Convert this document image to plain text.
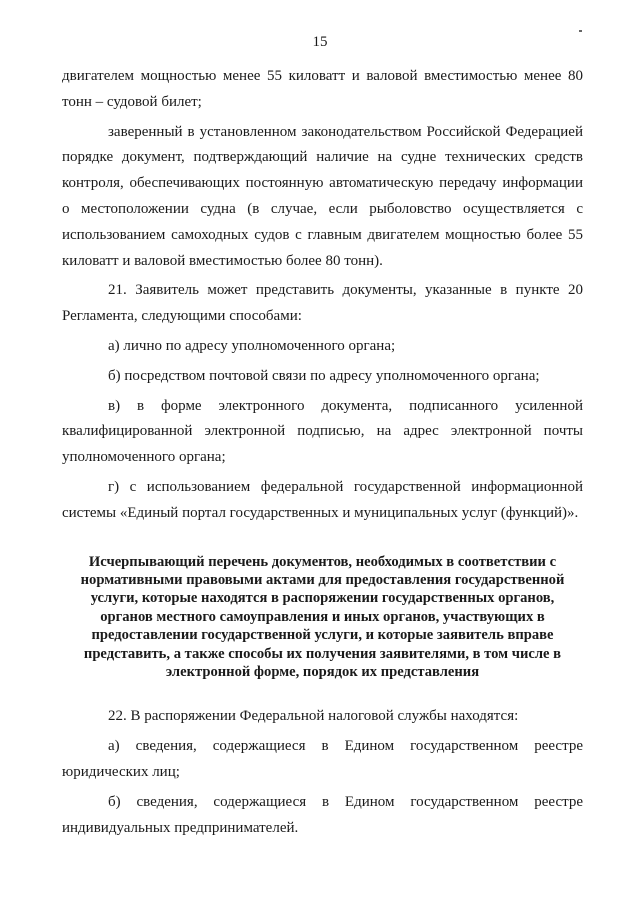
15

двигателем мощностью менее 55 киловатт и валовой вместимостью менее 80 тонн – судовой билет;

заверенный в установленном законодательством Российской Федерацией порядке документ, подтверждающий наличие на судне технических средств контроля, обеспечивающих постоянную автоматическую передачу информации о местоположении судна (в случае, если рыболовство осуществляется с использованием самоходных судов с главным двигателем мощностью более 55 киловатт и валовой вместимостью более 80 тонн).

21. Заявитель может представить документы, указанные в пункте 20 Регламента, следующими способами:

а) лично по адресу уполномоченного органа;

б) посредством почтовой связи по адресу уполномоченного органа;

в) в форме электронного документа, подписанного усиленной квалифицированной электронной подписью, на адрес электронной почты уполномоченного органа;

г) с использованием федеральной государственной информационной системы «Единый портал государственных и муниципальных услуг (функций)».

Исчерпывающий перечень документов, необходимых в соответствии с нормативными правовыми актами для предоставления государственной услуги, которые находятся в распоряжении государственных органов, органов местного самоуправления и иных органов, участвующих в предоставлении государственной услуги, и которые заявитель вправе представить, а также способы их получения заявителями, в том числе в электронной форме, порядок их представления

22. В распоряжении Федеральной налоговой службы находятся:

а) сведения, содержащиеся в Едином государственном реестре юридических лиц;

б) сведения, содержащиеся в Едином государственном реестре индивидуальных предпринимателей.
